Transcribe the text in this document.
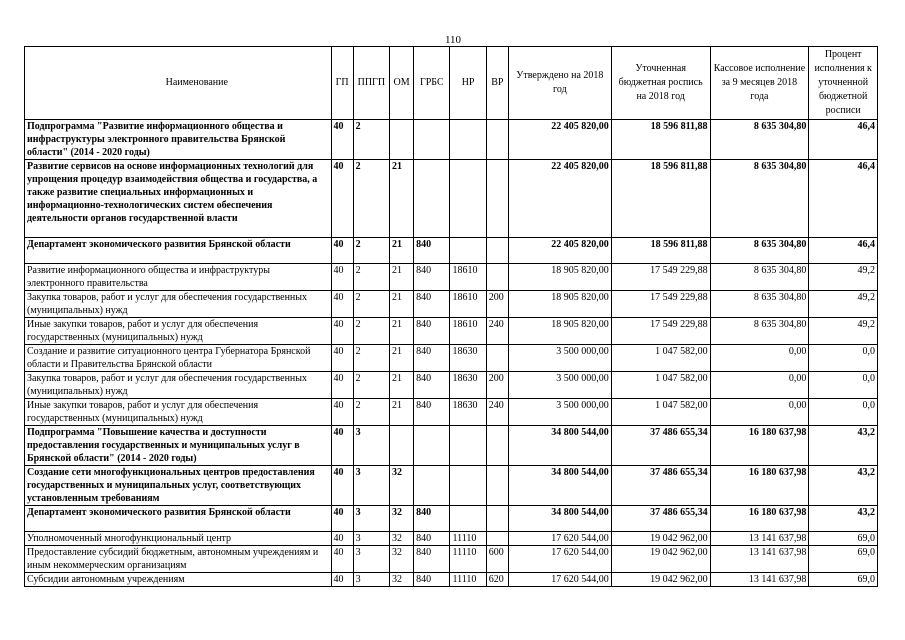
110
Наименование	ГП	ППГП	ОМ	ГРБС	НР	ВР	Утверждено на 2018 год	Уточненная бюджетная роспись на 2018 год	Кассовое исполнение за 9 месяцев 2018 года	Процент исполнения к уточненной бюджетной росписи
Подпрограмма "Развитие информационного общества и инфраструктуры электронного правительства Брянской области" (2014 - 2020 годы)	40	2					22 405 820,00	18 596 811,88	8 635 304,80	46,4
Развитие сервисов на основе информационных технологий для упрощения процедур взаимодействия общества и государства, а также развитие специальных информационных и информационно-технологических систем обеспечения деятельности органов государственной власти	40	2	21				22 405 820,00	18 596 811,88	8 635 304,80	46,4
Департамент экономического развития Брянской области	40	2	21	840			22 405 820,00	18 596 811,88	8 635 304,80	46,4
Развитие информационного общества и инфраструктуры электронного правительства	40	2	21	840	18610		18 905 820,00	17 549 229,88	8 635 304,80	49,2
Закупка товаров, работ и услуг для обеспечения государственных (муниципальных) нужд	40	2	21	840	18610	200	18 905 820,00	17 549 229,88	8 635 304,80	49,2
Иные закупки товаров, работ и услуг для обеспечения государственных (муниципальных) нужд	40	2	21	840	18610	240	18 905 820,00	17 549 229,88	8 635 304,80	49,2
Создание и развитие ситуационного центра Губернатора Брянской области и Правительства Брянской области	40	2	21	840	18630		3 500 000,00	1 047 582,00	0,00	0,0
Закупка товаров, работ и услуг для обеспечения государственных (муниципальных) нужд	40	2	21	840	18630	200	3 500 000,00	1 047 582,00	0,00	0,0
Иные закупки товаров, работ и услуг для обеспечения государственных (муниципальных) нужд	40	2	21	840	18630	240	3 500 000,00	1 047 582,00	0,00	0,0
Подпрограмма "Повышение качества и доступности предоставления государственных и муниципальных услуг в Брянской области" (2014 - 2020 годы)	40	3					34 800 544,00	37 486 655,34	16 180 637,98	43,2
Создание сети многофункциональных центров предоставления государственных и муниципальных услуг, соответствующих установленным требованиям	40	3	32				34 800 544,00	37 486 655,34	16 180 637,98	43,2
Департамент экономического развития Брянской области	40	3	32	840			34 800 544,00	37 486 655,34	16 180 637,98	43,2
Уполномоченный многофункциональный центр	40	3	32	840	11110		17 620 544,00	19 042 962,00	13 141 637,98	69,0
Предоставление субсидий бюджетным, автономным учреждениям и иным некоммерческим организациям	40	3	32	840	11110	600	17 620 544,00	19 042 962,00	13 141 637,98	69,0
Субсидии автономным учреждениям	40	3	32	840	11110	620	17 620 544,00	19 042 962,00	13 141 637,98	69,0
